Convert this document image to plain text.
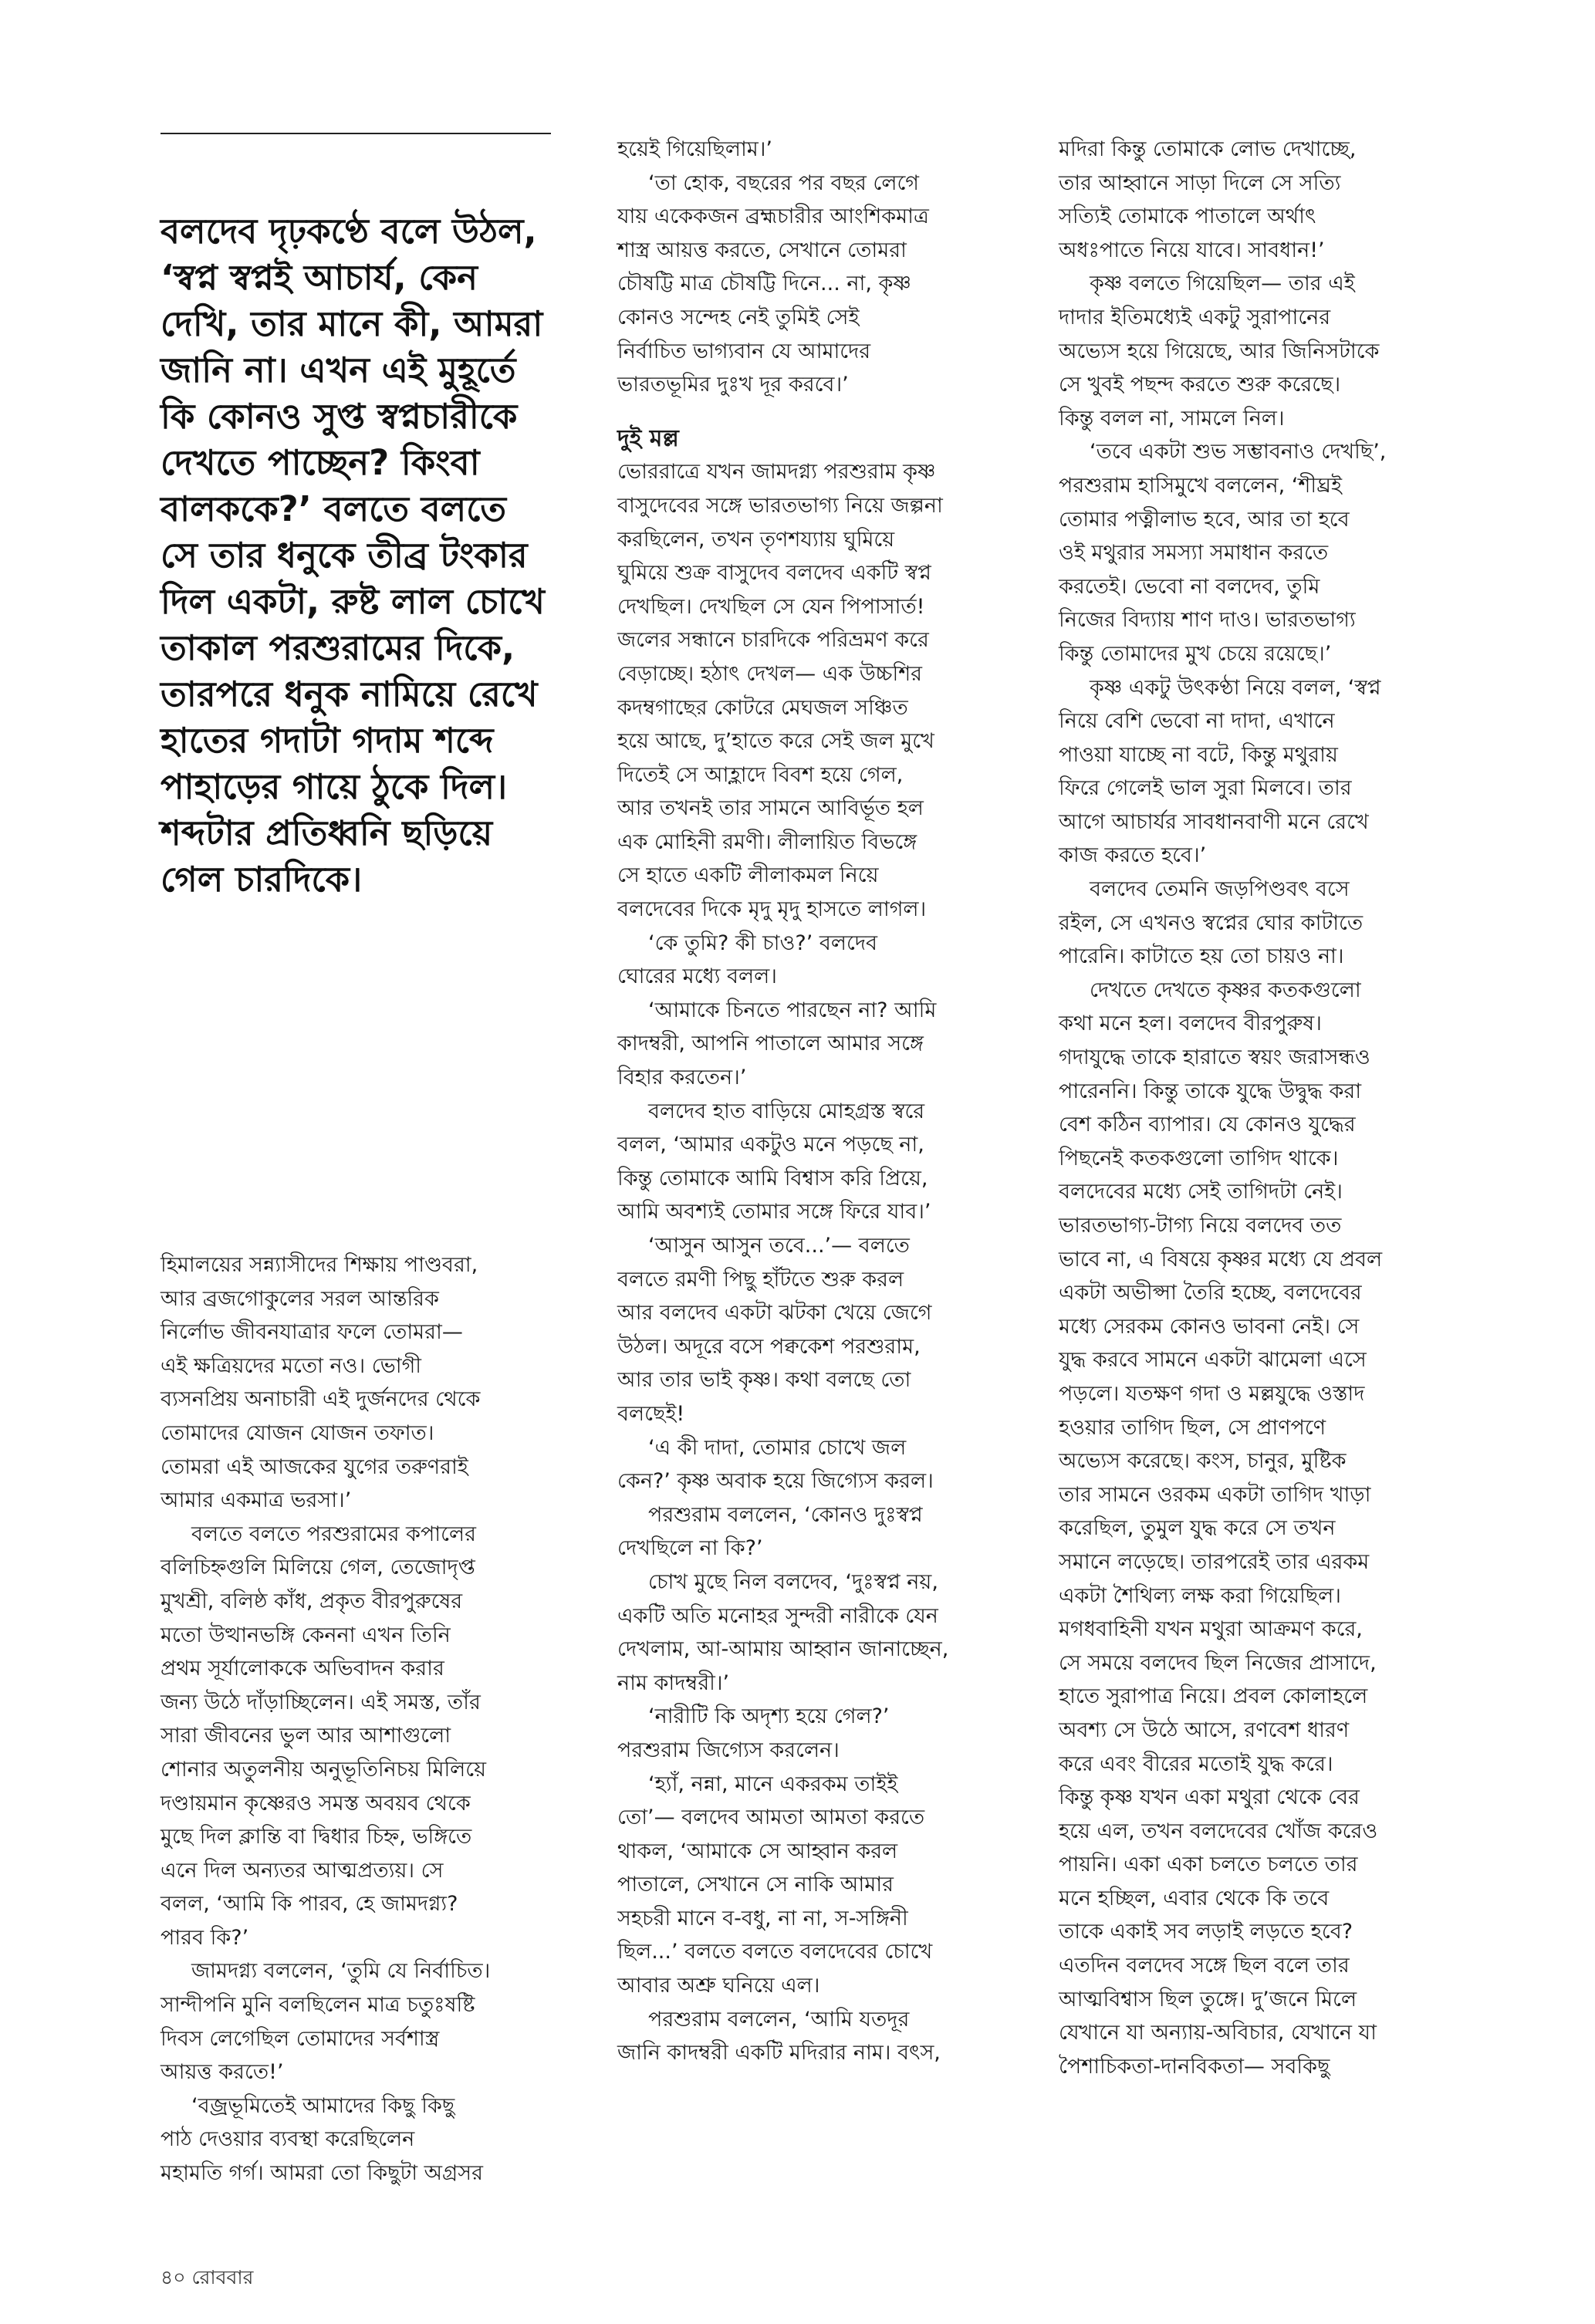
বলদেব দৃঢ়কণ্ঠে বলে উঠল,
‘স্বপ্ন স্বপ্নই আচার্য, কেন
দেখি, তার মানে কী, আমরা
জানি না। এখন এই মুহূর্তে
কি কোনও সুপ্ত স্বপ্নচারীকে
দেখতে পাচ্ছেন? কিংবা
বালককে?’ বলতে বলতে
সে তার ধনুকে তীব্র টংকার
দিল একটা, রুষ্ট লাল চোখে
তাকাল পরশুরামের দিকে,
তারপরে ধনুক নামিয়ে রেখে
হাতের গদাটা গদাম শব্দে
পাহাড়ের গায়ে ঠুকে দিল।
শব্দটার প্রতিধ্বনি ছড়িয়ে
গেল চারদিকে।
হিমালয়ের সন্ন্যাসীদের শিক্ষায় পাণ্ডবরা,
আর ব্রজগোকুলের সরল আন্তরিক
নির্লোভ জীবনযাত্রার ফলে তোমরা—
এই ক্ষত্রিয়দের মতো নও। ভোগী
ব্যসনপ্রিয় অনাচারী এই দুর্জনদের থেকে
তোমাদের যোজন যোজন তফাত।
তোমরা এই আজকের যুগের তরুণরাই
আমার একমাত্র ভরসা।’
বলতে বলতে পরশুরামের কপালের
বলিচিহ্নগুলি মিলিয়ে গেল, তেজোদৃপ্ত
মুখশ্রী, বলিষ্ঠ কাঁধ, প্রকৃত বীরপুরুষের
মতো উত্থানভঙ্গি কেননা এখন তিনি
প্রথম সূর্যালোককে অভিবাদন করার
জন্য উঠে দাঁড়াচ্ছিলেন। এই সমস্ত, তাঁর
সারা জীবনের ভুল আর আশাগুলো
শোনার অতুলনীয় অনুভূতিনিচয় মিলিয়ে
দণ্ডায়মান কৃষ্ণেরও সমস্ত অবয়ব থেকে
মুছে দিল ক্লান্তি বা দ্বিধার চিহ্ন, ভঙ্গিতে
এনে দিল অন্যতর আত্মপ্রত্যয়। সে
বলল, ‘আমি কি পারব, হে জামদগ্ন্য?
পারব কি?’
জামদগ্ন্য বললেন, ‘তুমি যে নির্বাচিত।
সান্দীপনি মুনি বলছিলেন মাত্র চতুঃষষ্টি
দিবস লেগেছিল তোমাদের সর্বশাস্ত্র
আয়ত্ত করতে!’
‘বজ্রভূমিতেই আমাদের কিছু কিছু
পাঠ দেওয়ার ব্যবস্থা করেছিলেন
মহামতি গর্গ। আমরা তো কিছুটা অগ্রসর
হয়েই গিয়েছিলাম।’
‘তা হোক, বছরের পর বছর লেগে
যায় একেকজন ব্রহ্মচারীর আংশিকমাত্র
শাস্ত্র আয়ত্ত করতে, সেখানে তোমরা
চৌষট্টি মাত্র চৌষট্টি দিনে... না, কৃষ্ণ
কোনও সন্দেহ নেই তুমিই সেই
নির্বাচিত ভাগ্যবান যে আমাদের
ভারতভূমির দুঃখ দূর করবে।’
দুই মল্ল
ভোররাত্রে যখন জামদগ্ন্য পরশুরাম কৃষ্ণ
বাসুদেবের সঙ্গে ভারতভাগ্য নিয়ে জল্পনা
করছিলেন, তখন তৃণশয্যায় ঘুমিয়ে
ঘুমিয়ে শুক্র বাসুদেব বলদেব একটি স্বপ্ন
দেখছিল। দেখছিল সে যেন পিপাসার্ত!
জলের সন্ধানে চারদিকে পরিভ্রমণ করে
বেড়াচ্ছে। হঠাৎ দেখল— এক উচ্চশির
কদম্বগাছের কোটরে মেঘজল সঞ্চিত
হয়ে আছে, দু’হাতে করে সেই জল মুখে
দিতেই সে আহ্লাদে বিবশ হয়ে গেল,
আর তখনই তার সামনে আবির্ভূত হল
এক মোহিনী রমণী। লীলায়িত বিভঙ্গে
সে হাতে একটি লীলাকমল নিয়ে
বলদেবের দিকে মৃদু মৃদু হাসতে লাগল।
‘কে তুমি? কী চাও?’ বলদেব
ঘোরের মধ্যে বলল।
‘আমাকে চিনতে পারছেন না? আমি
কাদম্বরী, আপনি পাতালে আমার সঙ্গে
বিহার করতেন।’
বলদেব হাত বাড়িয়ে মোহগ্রস্ত স্বরে
বলল, ‘আমার একটুও মনে পড়ছে না,
কিন্তু তোমাকে আমি বিশ্বাস করি প্রিয়ে,
আমি অবশ্যই তোমার সঙ্গে ফিরে যাব।’
‘আসুন আসুন তবে...’— বলতে
বলতে রমণী পিছু হাঁটতে শুরু করল
আর বলদেব একটা ঝটকা খেয়ে জেগে
উঠল। অদূরে বসে পক্বকেশ পরশুরাম,
আর তার ভাই কৃষ্ণ। কথা বলছে তো
বলছেই!
‘এ কী দাদা, তোমার চোখে জল
কেন?’ কৃষ্ণ অবাক হয়ে জিগ্যেস করল।
পরশুরাম বললেন, ‘কোনও দুঃস্বপ্ন
দেখছিলে না কি?’
চোখ মুছে নিল বলদেব, ‘দুঃস্বপ্ন নয়,
একটি অতি মনোহর সুন্দরী নারীকে যেন
দেখলাম, আ-আমায় আহ্বান জানাচ্ছেন,
নাম কাদম্বরী।’
‘নারীটি কি অদৃশ্য হয়ে গেল?’
পরশুরাম জিগ্যেস করলেন।
‘হ্যাঁ, নন্না, মানে একরকম তাইই
তো’— বলদেব আমতা আমতা করতে
থাকল, ‘আমাকে সে আহ্বান করল
পাতালে, সেখানে সে নাকি আমার
সহচরী মানে ব-বধু, না না, স-সঙ্গিনী
ছিল...’ বলতে বলতে বলদেবের চোখে
আবার অশ্রু ঘনিয়ে এল।
পরশুরাম বললেন, ‘আমি যতদূর
জানি কাদম্বরী একটি মদিরার নাম। বৎস,
মদিরা কিন্তু তোমাকে লোভ দেখাচ্ছে,
তার আহ্বানে সাড়া দিলে সে সত্যি
সত্যিই তোমাকে পাতালে অর্থাৎ
অধঃপাতে নিয়ে যাবে। সাবধান!’
কৃষ্ণ বলতে গিয়েছিল— তার এই
দাদার ইতিমধ্যেই একটু সুরাপানের
অভ্যেস হয়ে গিয়েছে, আর জিনিসটাকে
সে খুবই পছন্দ করতে শুরু করেছে।
কিন্তু বলল না, সামলে নিল।
‘তবে একটা শুভ সম্ভাবনাও দেখছি’,
পরশুরাম হাসিমুখে বললেন, ‘শীঘ্রই
তোমার পত্নীলাভ হবে, আর তা হবে
ওই মথুরার সমস্যা সমাধান করতে
করতেই। ভেবো না বলদেব, তুমি
নিজের বিদ্যায় শাণ দাও। ভারতভাগ্য
কিন্তু তোমাদের মুখ চেয়ে রয়েছে।’
কৃষ্ণ একটু উৎকণ্ঠা নিয়ে বলল, ‘স্বপ্ন
নিয়ে বেশি ভেবো না দাদা, এখানে
পাওয়া যাচ্ছে না বটে, কিন্তু মথুরায়
ফিরে গেলেই ভাল সুরা মিলবে। তার
আগে আচার্যর সাবধানবাণী মনে রেখে
কাজ করতে হবে।’
বলদেব তেমনি জড়পিণ্ডবৎ বসে
রইল, সে এখনও স্বপ্নের ঘোর কাটাতে
পারেনি। কাটাতে হয় তো চায়ও না।
দেখতে দেখতে কৃষ্ণর কতকগুলো
কথা মনে হল। বলদেব বীরপুরুষ।
গদাযুদ্ধে তাকে হারাতে স্বয়ং জরাসন্ধও
পারেননি। কিন্তু তাকে যুদ্ধে উদ্বুদ্ধ করা
বেশ কঠিন ব্যাপার। যে কোনও যুদ্ধের
পিছনেই কতকগুলো তাগিদ থাকে।
বলদেবের মধ্যে সেই তাগিদটা নেই।
ভারতভাগ্য-টাগ্য নিয়ে বলদেব তত
ভাবে না, এ বিষয়ে কৃষ্ণর মধ্যে যে প্রবল
একটা অভীপ্সা তৈরি হচ্ছে, বলদেবের
মধ্যে সেরকম কোনও ভাবনা নেই। সে
যুদ্ধ করবে সামনে একটা ঝামেলা এসে
পড়লে। যতক্ষণ গদা ও মল্লযুদ্ধে ওস্তাদ
হওয়ার তাগিদ ছিল, সে প্রাণপণে
অভ্যেস করেছে। কংস, চানুর, মুষ্টিক
তার সামনে ওরকম একটা তাগিদ খাড়া
করেছিল, তুমুল যুদ্ধ করে সে তখন
সমানে লড়েছে। তারপরেই তার এরকম
একটা শৈথিল্য লক্ষ করা গিয়েছিল।
মগধবাহিনী যখন মথুরা আক্রমণ করে,
সে সময়ে বলদেব ছিল নিজের প্রাসাদে,
হাতে সুরাপাত্র নিয়ে। প্রবল কোলাহলে
অবশ্য সে উঠে আসে, রণবেশ ধারণ
করে এবং বীরের মতোই যুদ্ধ করে।
কিন্তু কৃষ্ণ যখন একা মথুরা থেকে বের
হয়ে এল, তখন বলদেবের খোঁজ করেও
পায়নি। একা একা চলতে চলতে তার
মনে হচ্ছিল, এবার থেকে কি তবে
তাকে একাই সব লড়াই লড়তে হবে?
এতদিন বলদেব সঙ্গে ছিল বলে তার
আত্মবিশ্বাস ছিল তুঙ্গে। দু’জনে মিলে
যেখানে যা অন্যায়-অবিচার, যেখানে যা
পৈশাচিকতা-দানবিকতা— সবকিছু
৪০ রোববার
